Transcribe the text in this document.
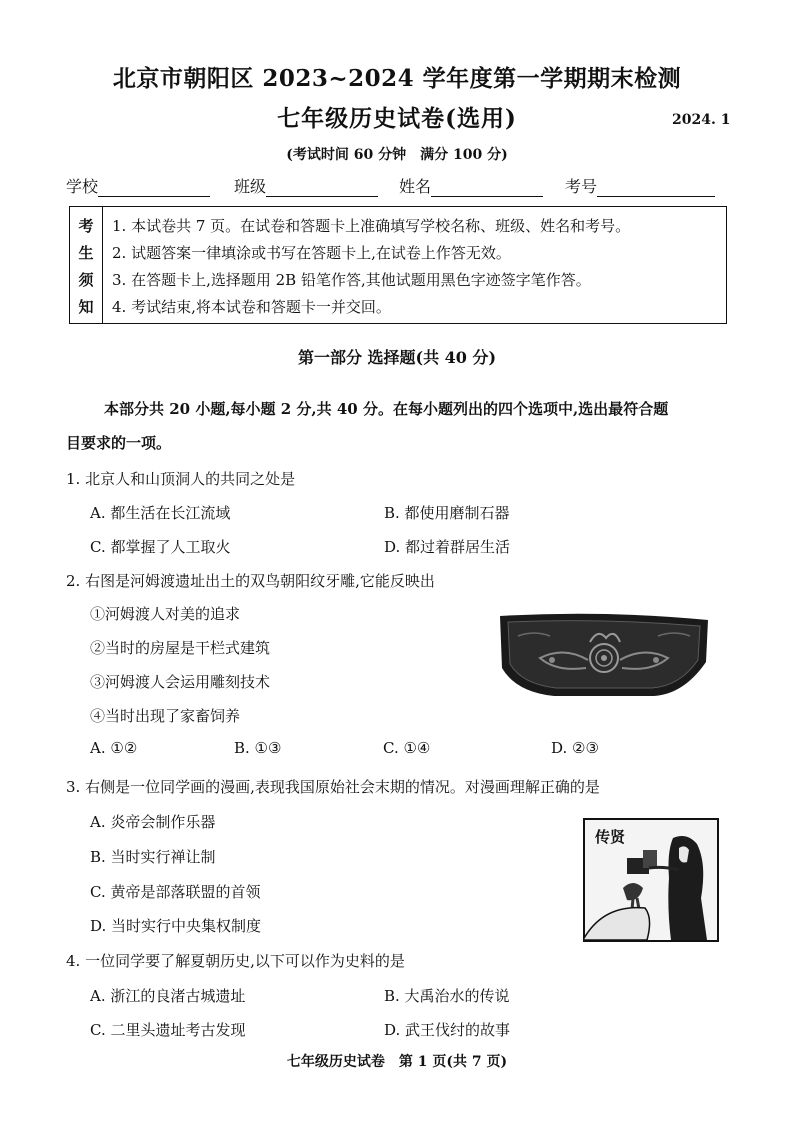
北京市朝阳区 2023~2024 学年度第一学期期末检测
七年级历史试卷(选用)	2024. 1
(考试时间 60 分钟　满分 100 分)
学校	班级	姓名	考号
考
生
须
知
1. 本试卷共 7 页。在试卷和答题卡上准确填写学校名称、班级、姓名和考号。
2. 试题答案一律填涂或书写在答题卡上,在试卷上作答无效。
3. 在答题卡上,选择题用 2B 铅笔作答,其他试题用黑色字迹签字笔作答。
4. 考试结束,将本试卷和答题卡一并交回。
第一部分 选择题(共 40 分)
本部分共 20 小题,每小题 2 分,共 40 分。在每小题列出的四个选项中,选出最符合题
目要求的一项。
1. 北京人和山顶洞人的共同之处是
A. 都生活在长江流域	B. 都使用磨制石器
C. 都掌握了人工取火	D. 都过着群居生活
2. 右图是河姆渡遗址出土的双鸟朝阳纹牙雕,它能反映出
①河姆渡人对美的追求
②当时的房屋是干栏式建筑
③河姆渡人会运用雕刻技术
④当时出现了家畜饲养
A. ①②	B. ①③	C. ①④	D. ②③
3. 右侧是一位同学画的漫画,表现我国原始社会末期的情况。对漫画理解正确的是
A. 炎帝会制作乐器
B. 当时实行禅让制
C. 黄帝是部落联盟的首领
D. 当时实行中央集权制度
传贤
4. 一位同学要了解夏朝历史,以下可以作为史料的是
A. 浙江的良渚古城遗址	B. 大禹治水的传说
C. 二里头遗址考古发现	D. 武王伐纣的故事
七年级历史试卷　第 1 页(共 7 页)
